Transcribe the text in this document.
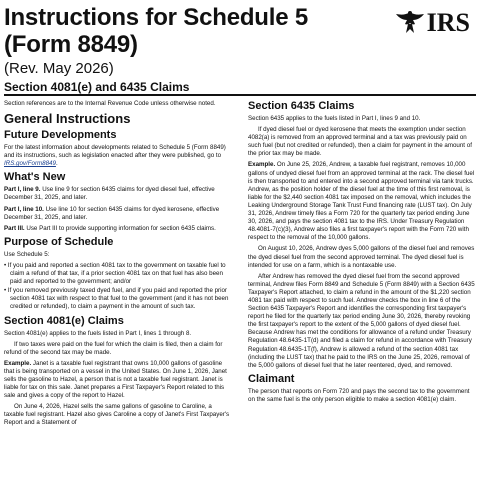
Instructions for Schedule 5
(Form 8849)
(Rev. May 2026)
Section 4081(e) and 6435 Claims
IRS

Section references are to the Internal Revenue Code unless otherwise noted.

General Instructions
Future Developments

For the latest information about developments related to Schedule 5 (Form 8849) and its instructions, such as legislation enacted after they were published, go to IRS.gov/Form8849.

What's New

Part I, line 9. Use line 9 for section 6435 claims for dyed diesel fuel, effective December 31, 2025, and later.

Part I, line 10. Use line 10 for section 6435 claims for dyed kerosene, effective December 31, 2025, and later.

Part III. Use Part III to provide supporting information for section 6435 claims.

Purpose of Schedule

Use Schedule 5:

• If you paid and reported a section 4081 tax to the government on taxable fuel to claim a refund of that tax, if a prior section 4081 tax on that fuel has also been paid and reported to the government; and/or

• If you removed previously taxed dyed fuel, and if you paid and reported the prior section 4081 tax with respect to that fuel to the government (and it has not been credited or refunded), to claim a payment in the amount of such tax.

Section 4081(e) Claims

Section 4081(e) applies to the fuels listed in Part I, lines 1 through 8.

If two taxes were paid on the fuel for which the claim is filed, then a claim for refund of the second tax may be made.

Example. Janet is a taxable fuel registrant that owns 10,000 gallons of gasoline that is being transported on a vessel in the United States. On June 1, 2026, Janet sells the gasoline to Hazel, a person that is not a taxable fuel registrant. Janet is liable for tax on this sale. Janet prepares a First Taxpayer's Report related to this sale and gives a copy of the report to Hazel.

On June 4, 2026, Hazel sells the same gallons of gasoline to Caroline, a taxable fuel registrant. Hazel also gives Caroline a copy of Janet's First Taxpayer's Report and a Statement of

Section 6435 Claims

Section 6435 applies to the fuels listed in Part I, lines 9 and 10.

If dyed diesel fuel or dyed kerosene that meets the exemption under section 4082(a) is removed from an approved terminal and a tax was previously paid on such fuel (but not credited or refunded), then a claim for payment in the amount of the prior tax may be made.

Example. On June 25, 2026, Andrew, a taxable fuel registrant, removes 10,000 gallons of undyed diesel fuel from an approved terminal at the rack. The diesel fuel is then transported to and entered into a second approved terminal via tank trucks. Andrew, as the position holder of the diesel fuel at the time of this first removal, is liable for the $2,440 section 4081 tax imposed on the removal, which includes the Leaking Underground Storage Tank Trust Fund financing rate (LUST tax). On July 31, 2026, Andrew timely files a Form 720 for the quarterly tax period ending June 30, 2026, and pays the section 4081 tax to the IRS. Under Treasury Regulation 48.4081-7(c)(3), Andrew also files a first taxpayer's report with the Form 720 with respect to the removal of the 10,000 gallons.

On August 10, 2026, Andrew dyes 5,000 gallons of the diesel fuel and removes the dyed diesel fuel from the second approved terminal. The dyed diesel fuel is intended for use on a farm, which is a nontaxable use.

After Andrew has removed the dyed diesel fuel from the second approved terminal, Andrew files Form 8849 and Schedule 5 (Form 8849) with a Section 6435 Taxpayer's Report attached, to claim a refund in the amount of the $1,220 section 4081 tax paid with respect to such fuel. Andrew checks the box in line 6 of the Section 6435 Taxpayer's Report and identifies the corresponding first taxpayer's report he filed for the quarterly tax period ending June 30, 2026, thereby revoking the first taxpayer's report to the extent of the 5,000 gallons of dyed diesel fuel. Because Andrew has met the conditions for allowance of a refund under Treasury Regulation 48.6435-1T(d) and filed a claim for refund in accordance with Treasury Regulation 48.6435-1T(f), Andrew is allowed a refund of the section 4081 tax (including the LUST tax) that he paid to the IRS on the June 25, 2026, removal of the 5,000 gallons of diesel fuel that he later reentered, dyed, and removed.

Claimant

The person that reports on Form 720 and pays the second tax to the government on the same fuel is the only person eligible to make a section 4081(e) claim.
